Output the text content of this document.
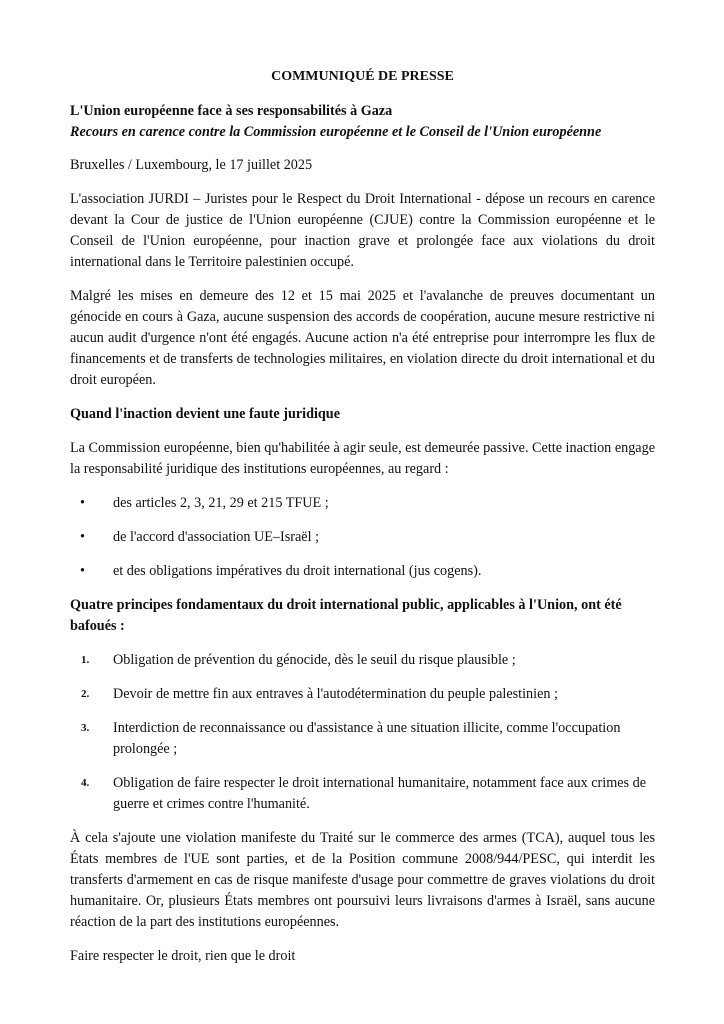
COMMUNIQUÉ DE PRESSE
L'Union européenne face à ses responsabilités à Gaza
Recours en carence contre la Commission européenne et le Conseil de l'Union européenne

Bruxelles / Luxembourg, le 17 juillet 2025

L'association JURDI – Juristes pour le Respect du Droit International - dépose un recours en carence devant la Cour de justice de l'Union européenne (CJUE) contre la Commission européenne et le Conseil de l'Union européenne, pour inaction grave et prolongée face aux violations du droit international dans le Territoire palestinien occupé.

Malgré les mises en demeure des 12 et 15 mai 2025 et l'avalanche de preuves documentant un génocide en cours à Gaza, aucune suspension des accords de coopération, aucune mesure restrictive ni aucun audit d'urgence n'ont été engagés. Aucune action n'a été entreprise pour interrompre les flux de financements et de transferts de technologies militaires, en violation directe du droit international et du droit européen.

Quand l'inaction devient une faute juridique

La Commission européenne, bien qu'habilitée à agir seule, est demeurée passive. Cette inaction engage la responsabilité juridique des institutions européennes, au regard :

• des articles 2, 3, 21, 29 et 215 TFUE ;
• de l'accord d'association UE–Israël ;
• et des obligations impératives du droit international (jus cogens).
Quatre principes fondamentaux du droit international public, applicables à l'Union, ont été bafoués :
1. Obligation de prévention du génocide, dès le seuil du risque plausible ;
2. Devoir de mettre fin aux entraves à l'autodétermination du peuple palestinien ;
3. Interdiction de reconnaissance ou d'assistance à une situation illicite, comme l'occupation prolongée ;
4. Obligation de faire respecter le droit international humanitaire, notamment face aux crimes de guerre et crimes contre l'humanité.

À cela s'ajoute une violation manifeste du Traité sur le commerce des armes (TCA), auquel tous les États membres de l'UE sont parties, et de la Position commune 2008/944/PESC, qui interdit les transferts d'armement en cas de risque manifeste d'usage pour commettre de graves violations du droit humanitaire. Or, plusieurs États membres ont poursuivi leurs livraisons d'armes à Israël, sans aucune réaction de la part des institutions européennes.

Faire respecter le droit, rien que le droit
